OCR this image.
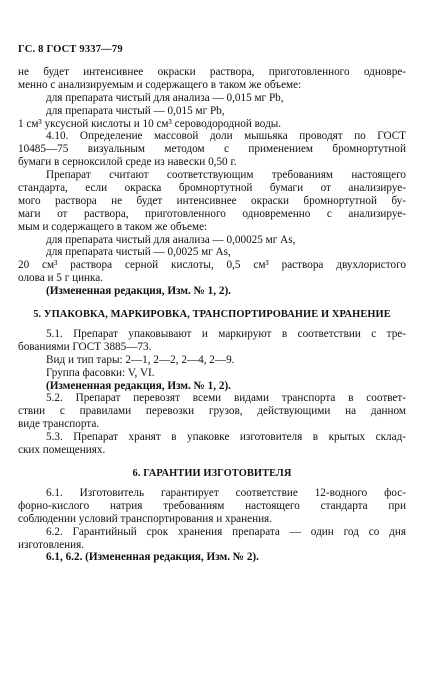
ГС. 8 ГОСТ 9337—79
не будет интенсивнее окраски раствора, приготовленного одновре-
менно с анализируемым и содержащего в таком же объеме:
для препарата чистый для анализа — 0,015 мг Pb,
для препарата чистый — 0,015 мг Pb,
1 см³ уксусной кислоты и 10 см³ сероводородной воды.
4.10. Определение массовой доли мышьяка проводят по ГОСТ
10485—75 визуальным методом с применением бромнортутной
бумаги в серноксилой среде из навески 0,50 г.
Препарат считают соответствующим требованиям настоящего
стандарта, если окраска бромнортутной бумаги от анализируе-
мого раствора не будет интенсивнее окраски бромнортутной бу-
маги от раствора, приготовленного одновременно с анализируе-
мым и содержащего в таком же объеме:
для препарата чистый для анализа — 0,00025 мг As,
для препарата чистый — 0,0025 мг As,
20 см³ раствора серной кислоты, 0,5 см³ раствора двухлористого
олова и 5 г цинка.
(Измененная редакция, Изм. № 1, 2).
5. УПАКОВКА, МАРКИРОВКА, ТРАНСПОРТИРОВАНИЕ И ХРАНЕНИЕ
5.1. Препарат упаковывают и маркируют в соответствии с тре-
бованиями ГОСТ 3885—73.
Вид и тип тары: 2—1, 2—2, 2—4, 2—9.
Группа фасовки: V, VI.
(Измененная редакция, Изм. № 1, 2).
5.2. Препарат перевозят всеми видами транспорта в соответ-
ствии с правилами перевозки грузов, действующими на данном
виде транспорта.
5.3. Препарат хранят в упаковке изготовителя в крытых склад-
ских помещениях.
6. ГАРАНТИИ ИЗГОТОВИТЕЛЯ
6.1. Изготовитель гарантирует соответствие 12-водного фос-
форно-кислого натрия требованиям настоящего стандарта при
соблюдении условий транспортирования и хранения.
6.2. Гарантийный срок хранения препарата — один год со дня
изготовления.
6.1, 6.2. (Измененная редакция, Изм. № 2).
